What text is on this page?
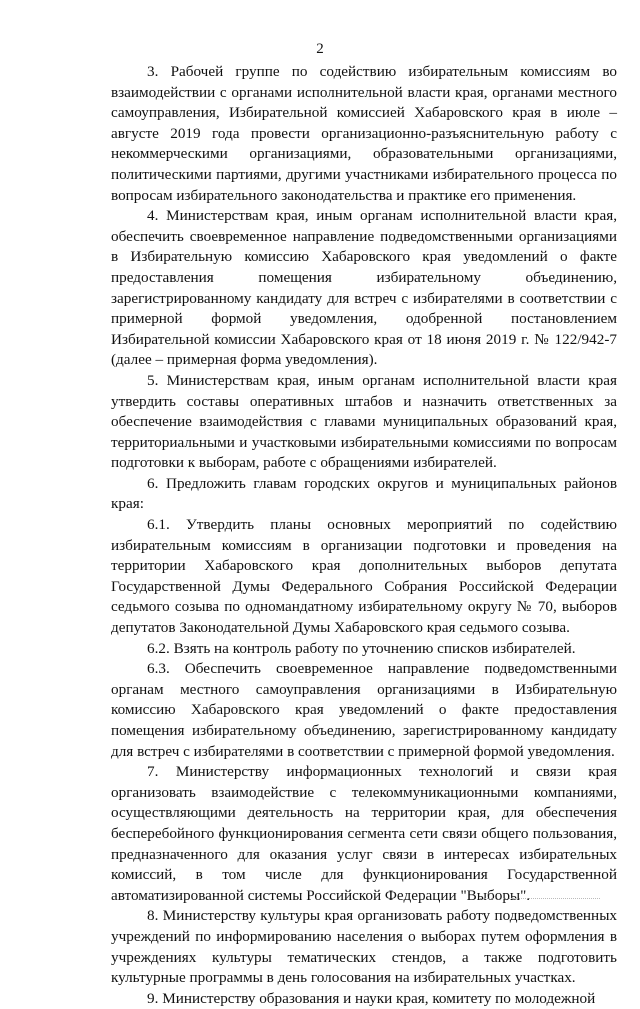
2

3. Рабочей группе по содействию избирательным комиссиям во взаимодействии с органами исполнительной власти края, органами местного самоуправления, Избирательной комиссией Хабаровского края в июле – августе 2019 года провести организационно-разъяснительную работу с некоммерческими организациями, образовательными организациями, политическими партиями, другими участниками избирательного процесса по вопросам избирательного законодательства и практике его применения.

4. Министерствам края, иным органам исполнительной власти края, обеспечить своевременное направление подведомственными организациями в Избирательную комиссию Хабаровского края уведомлений о факте предоставления помещения избирательному объединению, зарегистрированному кандидату для встреч с избирателями в соответствии с примерной формой уведомления, одобренной постановлением Избирательной комиссии Хабаровского края от 18 июня 2019 г. № 122/942-7 (далее – примерная форма уведомления).

5. Министерствам края, иным органам исполнительной власти края утвердить составы оперативных штабов и назначить ответственных за обеспечение взаимодействия с главами муниципальных образований края, территориальными и участковыми избирательными комиссиями по вопросам подготовки к выборам, работе с обращениями избирателей.

6. Предложить главам городских округов и муниципальных районов края:

6.1. Утвердить планы основных мероприятий по содействию избирательным комиссиям в организации подготовки и проведения на территории Хабаровского края дополнительных выборов депутата Государственной Думы Федерального Собрания Российской Федерации седьмого созыва по одномандатному избирательному округу № 70, выборов депутатов Законодательной Думы Хабаровского края седьмого созыва.

6.2. Взять на контроль работу по уточнению списков избирателей.

6.3. Обеспечить своевременное направление подведомственными органам местного самоуправления организациями в Избирательную комиссию Хабаровского края уведомлений о факте предоставления помещения избирательному объединению, зарегистрированному кандидату для встреч с избирателями в соответствии с примерной формой уведомления.

7. Министерству информационных технологий и связи края организовать взаимодействие с телекоммуникационными компаниями, осуществляющими деятельность на территории края, для обеспечения бесперебойного функционирования сегмента сети связи общего пользования, предназначенного для оказания услуг связи в интересах избирательных комиссий, в том числе для функционирования Государственной автоматизированной системы Российской Федерации "Выборы".

8. Министерству культуры края организовать работу подведомственных учреждений по информированию населения о выборах путем оформления в учреждениях культуры тематических стендов, а также подготовить культурные программы в день голосования на избирательных участках.

9. Министерству образования и науки края, комитету по молодежной
